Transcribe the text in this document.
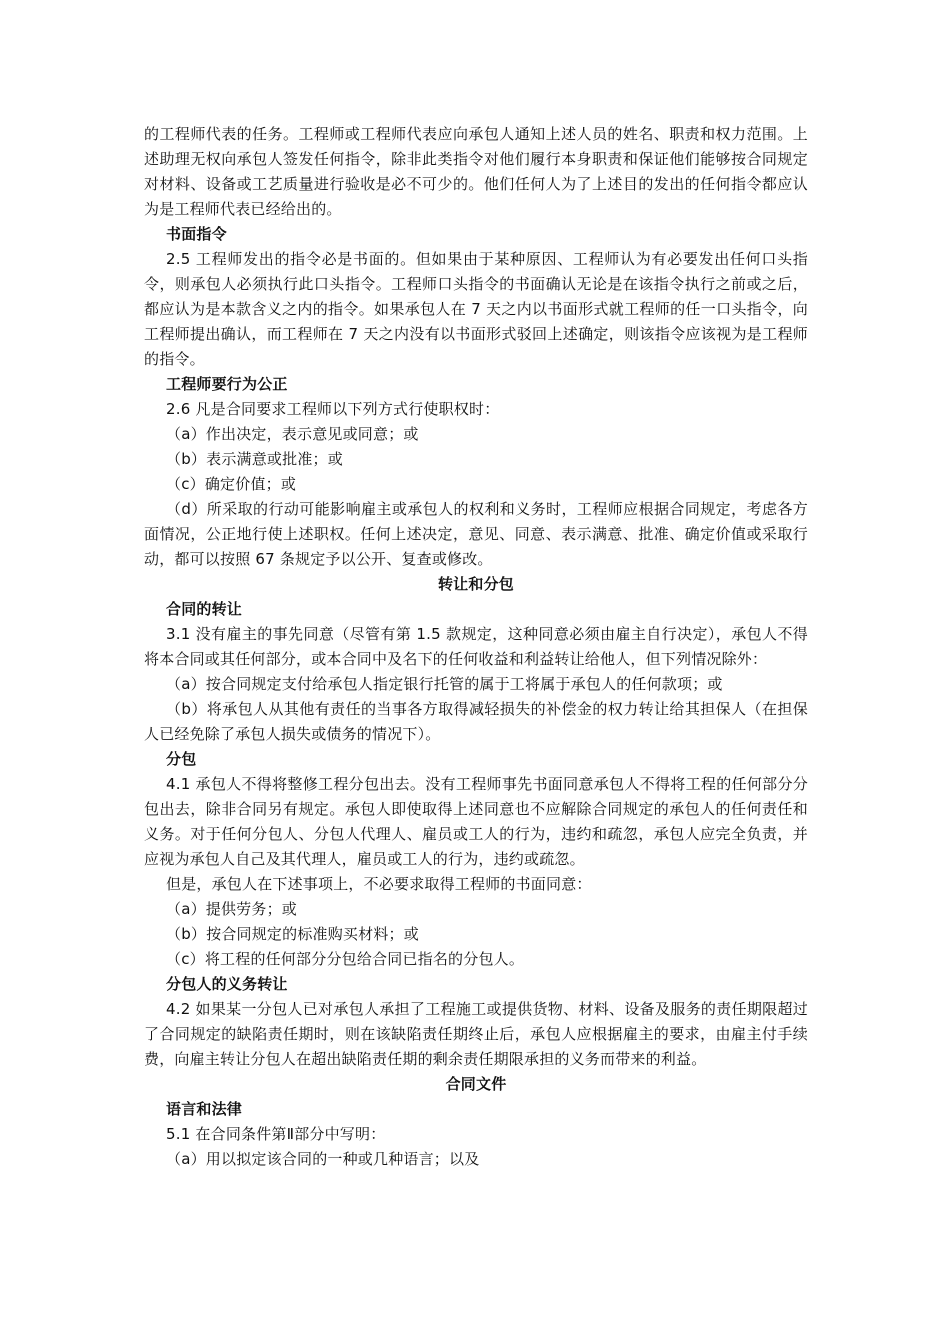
的工程师代表的任务。工程师或工程师代表应向承包人通知上述人员的姓名、职责和权力范围。上述助理无权向承包人签发任何指令，除非此类指令对他们履行本身职责和保证他们能够按合同规定对材料、设备或工艺质量进行验收是必不可少的。他们任何人为了上述目的发出的任何指令都应认为是工程师代表已经给出的。

书面指令

2.5 工程师发出的指令必是书面的。但如果由于某种原因、工程师认为有必要发出任何口头指令，则承包人必须执行此口头指令。工程师口头指令的书面确认无论是在该指令执行之前或之后，都应认为是本款含义之内的指令。如果承包人在 7 天之内以书面形式就工程师的任一口头指令，向工程师提出确认，而工程师在 7 天之内没有以书面形式驳回上述确定，则该指令应该视为是工程师的指令。

工程师要行为公正

2.6 凡是合同要求工程师以下列方式行使职权时：

（a）作出决定，表示意见或同意；或

（b）表示满意或批准；或

（c）确定价值；或

（d）所采取的行动可能影响雇主或承包人的权利和义务时，工程师应根据合同规定，考虑各方面情况，公正地行使上述职权。任何上述决定，意见、同意、表示满意、批准、确定价值或采取行动，都可以按照 67 条规定予以公开、复查或修改。

转让和分包

合同的转让

3.1 没有雇主的事先同意（尽管有第 1.5 款规定，这种同意必须由雇主自行决定），承包人不得将本合同或其任何部分，或本合同中及名下的任何收益和利益转让给他人，但下列情况除外：

（a）按合同规定支付给承包人指定银行托管的属于工将属于承包人的任何款项；或

（b）将承包人从其他有责任的当事各方取得减轻损失的补偿金的权力转让给其担保人（在担保人已经免除了承包人损失或债务的情况下）。

分包

4.1 承包人不得将整修工程分包出去。没有工程师事先书面同意承包人不得将工程的任何部分分包出去，除非合同另有规定。承包人即使取得上述同意也不应解除合同规定的承包人的任何责任和义务。对于任何分包人、分包人代理人、雇员或工人的行为，违约和疏忽，承包人应完全负责，并应视为承包人自己及其代理人，雇员或工人的行为，违约或疏忽。

但是，承包人在下述事项上，不必要求取得工程师的书面同意：

（a）提供劳务；或

（b）按合同规定的标准购买材料；或

（c）将工程的任何部分分包给合同已指名的分包人。

分包人的义务转让

4.2 如果某一分包人已对承包人承担了工程施工或提供货物、材料、设备及服务的责任期限超过了合同规定的缺陷责任期时，则在该缺陷责任期终止后，承包人应根据雇主的要求，由雇主付手续费，向雇主转让分包人在超出缺陷责任期的剩余责任期限承担的义务而带来的利益。

合同文件

语言和法律

5.1 在合同条件第Ⅱ部分中写明：

（a）用以拟定该合同的一种或几种语言；以及
